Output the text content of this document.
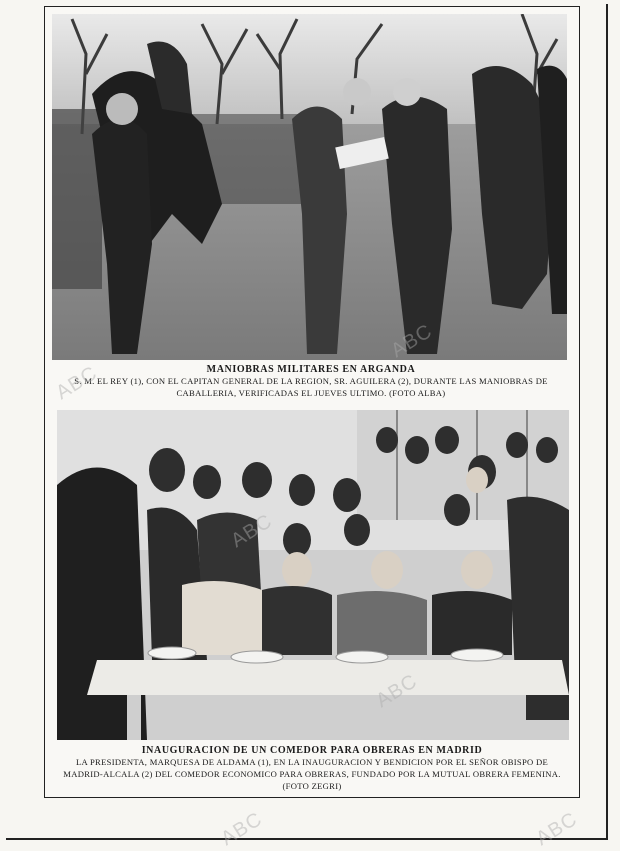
MANIOBRAS MILITARES EN ARGANDA
S. M. EL REY (1), CON EL CAPITAN GENERAL DE LA REGION, SR. AGUILERA (2), DURANTE LAS MANIOBRAS DE CABALLERIA, VERIFICADAS EL JUEVES ULTIMO. (FOTO ALBA)
INAUGURACION DE UN COMEDOR PARA OBRERAS EN MADRID
LA PRESIDENTA, MARQUESA DE ALDAMA (1), EN LA INAUGURACION Y BENDICION POR EL SEÑOR OBISPO DE MADRID-ALCALA (2) DEL COMEDOR ECONOMICO PARA OBRERAS, FUNDADO POR LA MUTUAL OBRERA FEMENINA. (FOTO ZEGRI)
ABC
ABC
ABC
ABC
ABC	ABC
